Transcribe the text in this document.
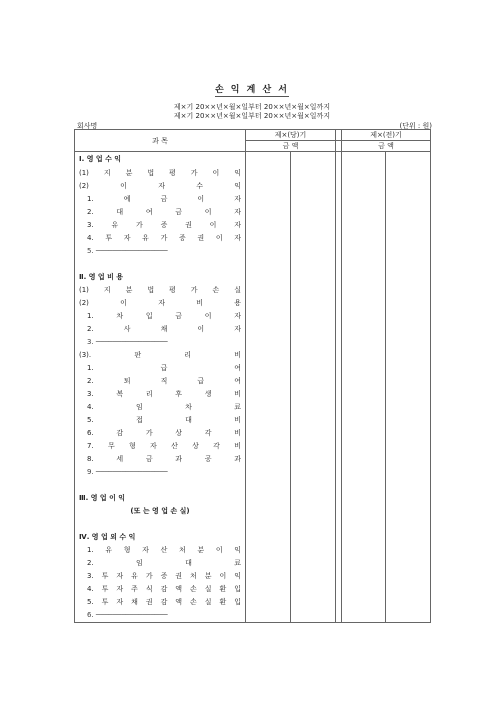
손 익 계 산 서
제×기 20××년×월×일부터 20××년×월×일까지
제×기 20××년×월×일부터 20××년×월×일까지
회사명	(단위 : 원)
과 목	제×(당)기			제×(전)기	
	금 액			금 액	

Ⅰ. 영 업 수 익					

(1) 지 분 법 평 가 이 익					

(2) 이 자 수 익					

1. 예 금 이 자					

2. 대 여 금 이 자					

3. 유 가 증 권 이 자					

4. 투 자 유 가 증 권 이 자					

5. ─────────────────					

Ⅱ. 영 업 비 용					

(1) 지 분 법 평 가 손 실					

(2) 이 자 비 용					

1. 차 입 금 이 자					

2. 사 채 이 자					

3. ─────────────────					

(3). 판 리 비					

1. 급 여					

2. 퇴 직 급 여					

3. 복 리 후 생 비					

4. 임 차 료					

5. 접 대 비					

6. 감 가 상 각 비					

7. 무 형 자 산 상 각 비					

8. 세 금 과 공 과					

9. ─────────────────					

Ⅲ. 영 업 이 익					

(또 는 영 업 손 실)					

Ⅳ. 영 업 외 수 익					

1. 유 형 자 산 처 분 이 익					

2. 임 대 료					

3. 투 자 유 가 증 권 처 분 이 익					

4. 투 자 주 식 감 액 손 실 환 입					

5. 투 자 채 권 감 액 손 실 환 입					

6. ─────────────────					
